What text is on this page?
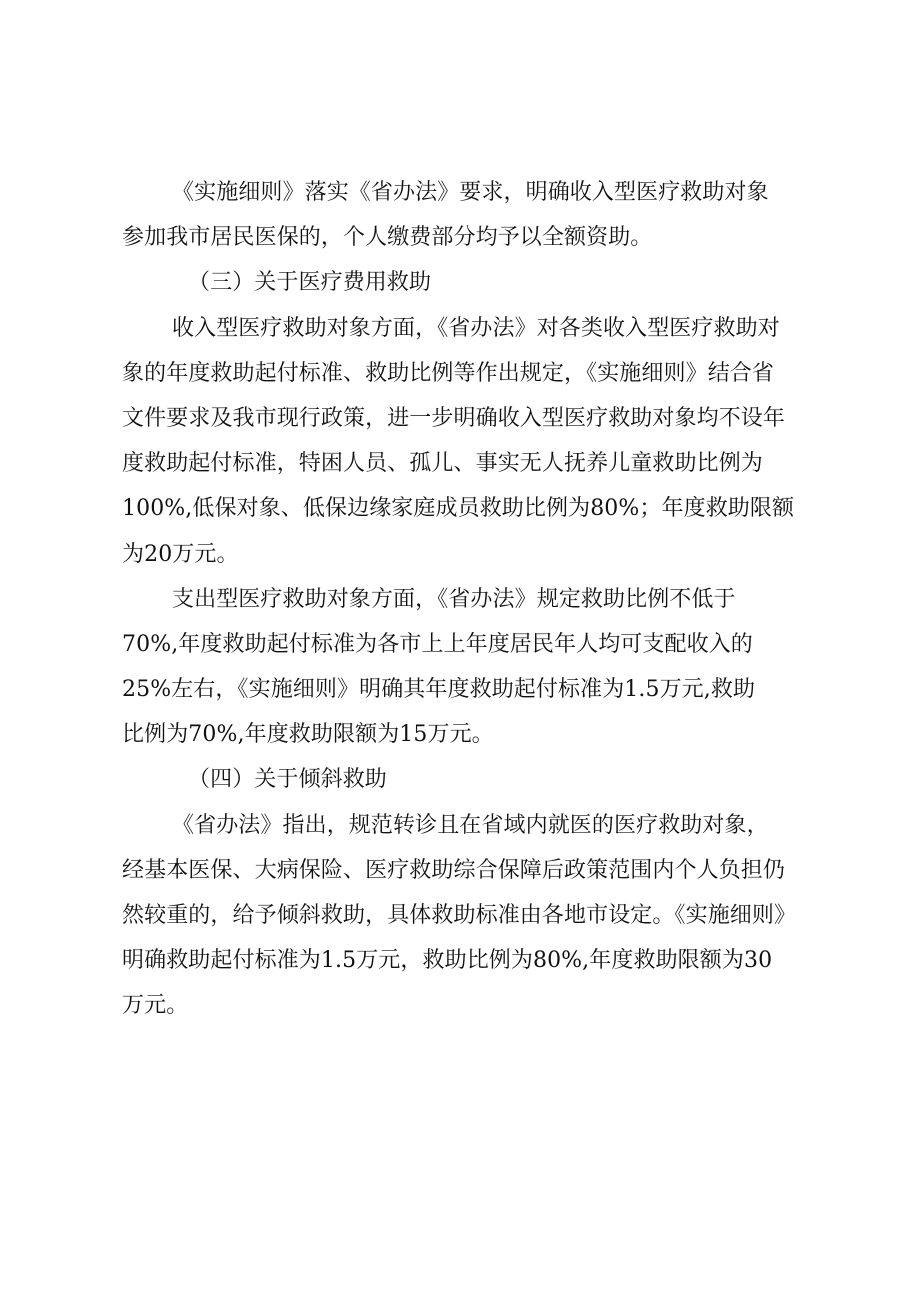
《实施细则》落实《省办法》要求，明确收入型医疗救助对象
参加我市居民医保的，个人缴费部分均予以全额资助。
（三）关于医疗费用救助
收入型医疗救助对象方面，《省办法》对各类收入型医疗救助对
象的年度救助起付标准、救助比例等作出规定，《实施细则》结合省
文件要求及我市现行政策，进一步明确收入型医疗救助对象均不设年
度救助起付标准，特困人员、孤儿、事实无人抚养儿童救助比例为
100%,低保对象、低保边缘家庭成员救助比例为80%；年度救助限额
为20万元。
支出型医疗救助对象方面，《省办法》规定救助比例不低于
70%,年度救助起付标准为各市上上年度居民年人均可支配收入的
25%左右，《实施细则》明确其年度救助起付标准为1.5万元,救助
比例为70%,年度救助限额为15万元。
（四）关于倾斜救助
《省办法》指出，规范转诊且在省域内就医的医疗救助对象，
经基本医保、大病保险、医疗救助综合保障后政策范围内个人负担仍
然较重的，给予倾斜救助，具体救助标准由各地市设定。《实施细则》
明确救助起付标准为1.5万元，救助比例为80%,年度救助限额为30
万元。
